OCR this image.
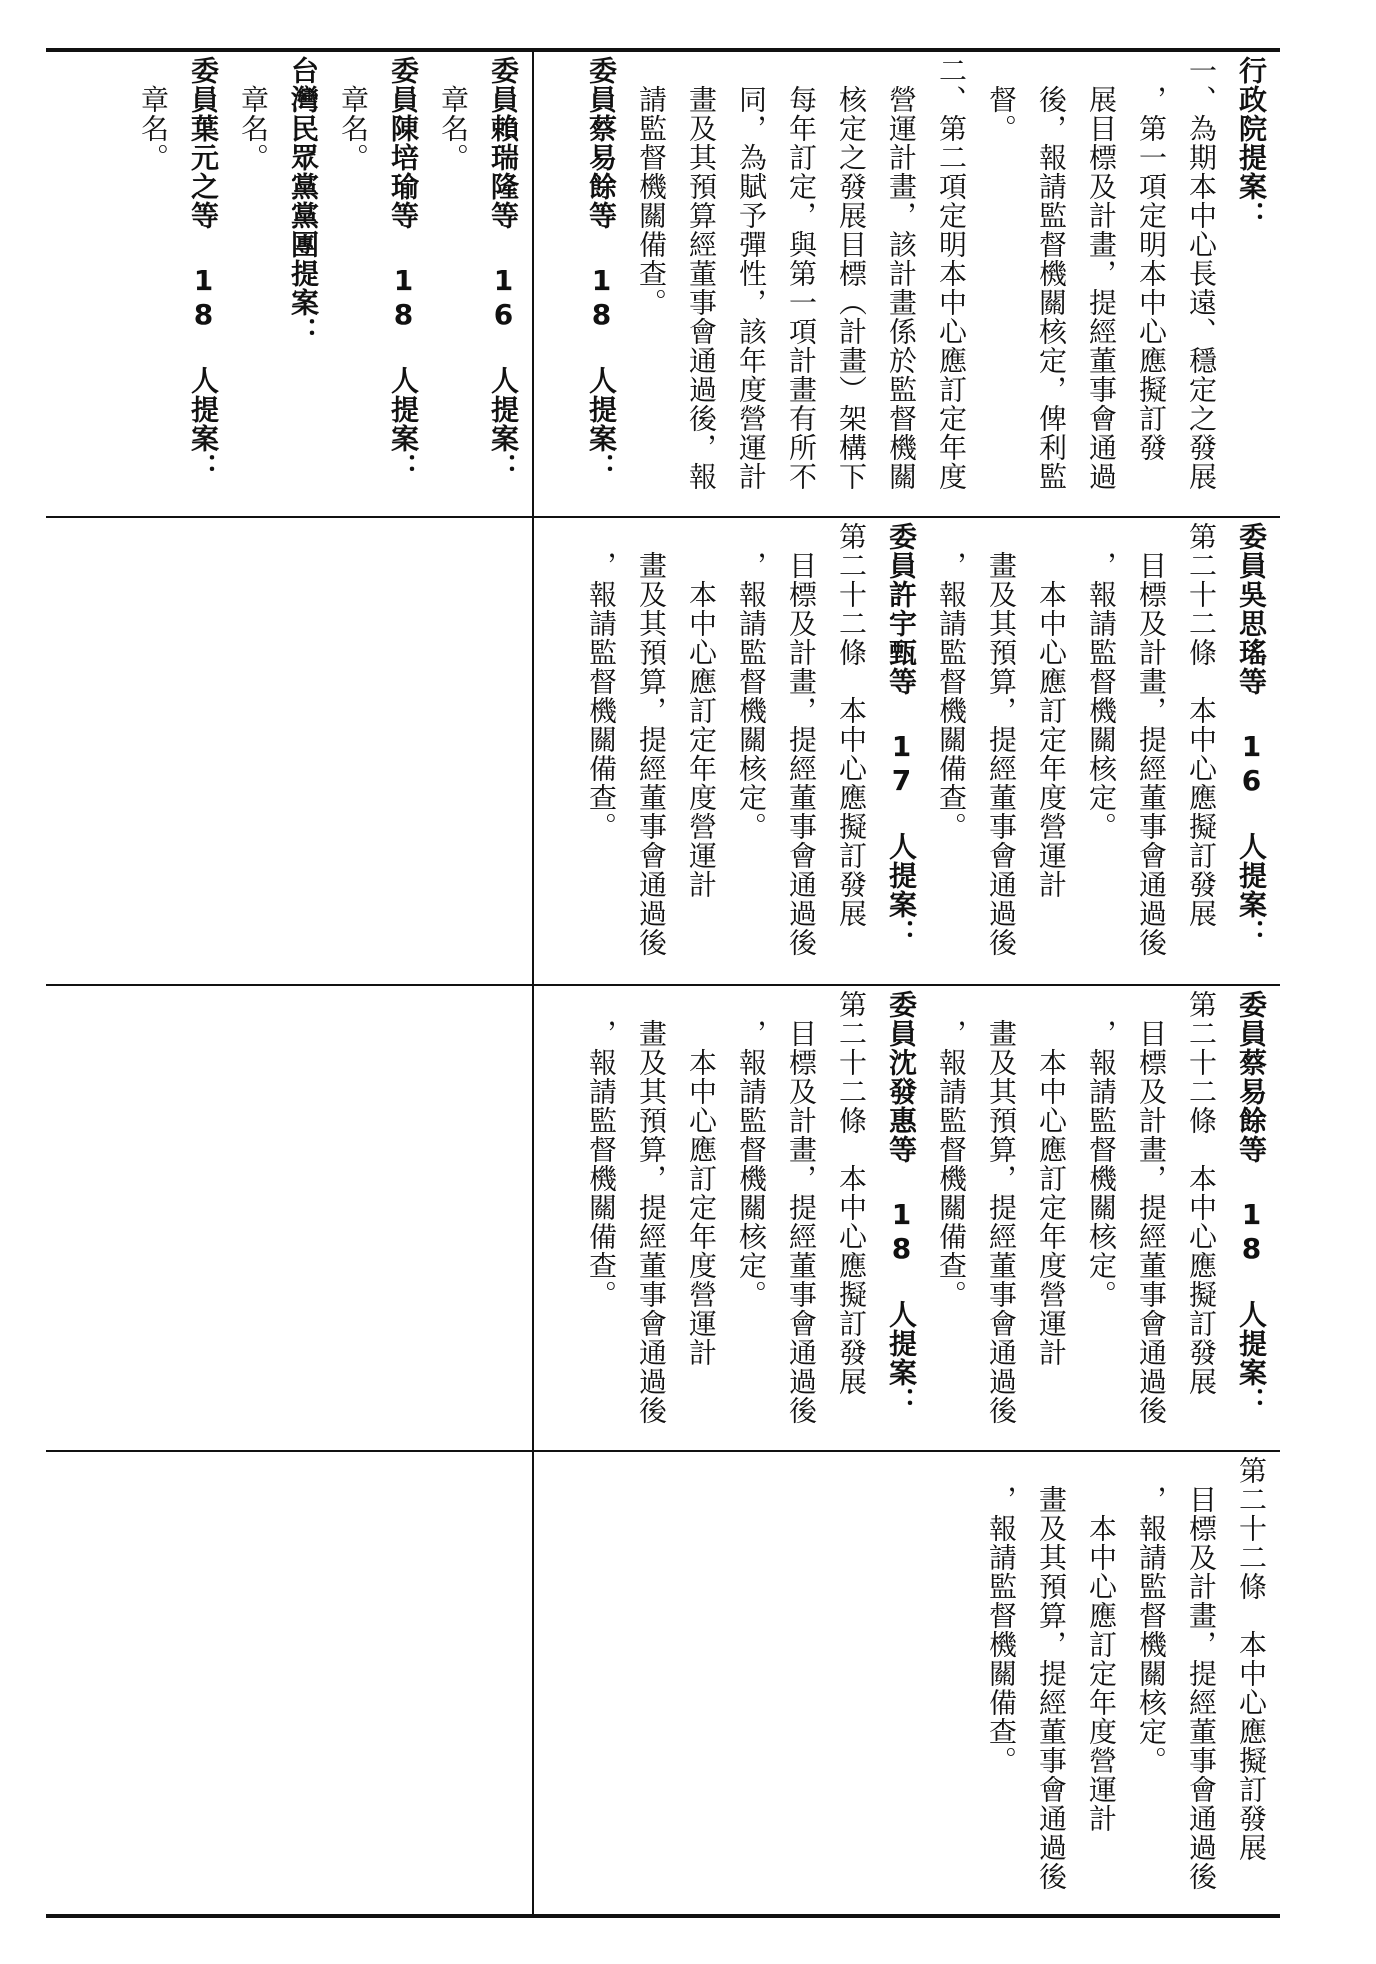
委員賴瑞隆等 16 人提案：
　章名。
委員陳培瑜等 18 人提案：
　章名。
台灣民眾黨黨團提案：
　章名。
委員葉元之等 18 人提案：
　章名。	行政院提案：
一、為期本中心長遠、穩定之發展
　，第一項定明本中心應擬訂發
　展目標及計畫，提經董事會通過
　後，報請監督機關核定，俾利監
　督。
二、第二項定明本中心應訂定年度
　營運計畫，該計畫係於監督機關
　核定之發展目標（計畫）架構下
　每年訂定，與第一項計畫有所不
　同，為賦予彈性，該年度營運計
　畫及其預算經董事會通過後，報
　請監督機關備查。
委員蔡易餘等 18 人提案：
委員吳思瑤等 16 人提案：
第二十二條　本中心應擬訂發展
　目標及計畫，提經董事會通過後
　，報請監督機關核定。
　　本中心應訂定年度營運計
　畫及其預算，提經董事會通過後
　，報請監督機關備查。
委員許宇甄等 17 人提案：
第二十二條　本中心應擬訂發展
　目標及計畫，提經董事會通過後
　，報請監督機關核定。
　　本中心應訂定年度營運計
　畫及其預算，提經董事會通過後
　，報請監督機關備查。
委員蔡易餘等 18 人提案：
第二十二條　本中心應擬訂發展
　目標及計畫，提經董事會通過後
　，報請監督機關核定。
　　本中心應訂定年度營運計
　畫及其預算，提經董事會通過後
　，報請監督機關備查。
委員沈發惠等 18 人提案：
第二十二條　本中心應擬訂發展
　目標及計畫，提經董事會通過後
　，報請監督機關核定。
　　本中心應訂定年度營運計
　畫及其預算，提經董事會通過後
　，報請監督機關備查。
第二十二條　本中心應擬訂發展
　目標及計畫，提經董事會通過後
　，報請監督機關核定。
　　本中心應訂定年度營運計
　畫及其預算，提經董事會通過後
　，報請監督機關備查。
